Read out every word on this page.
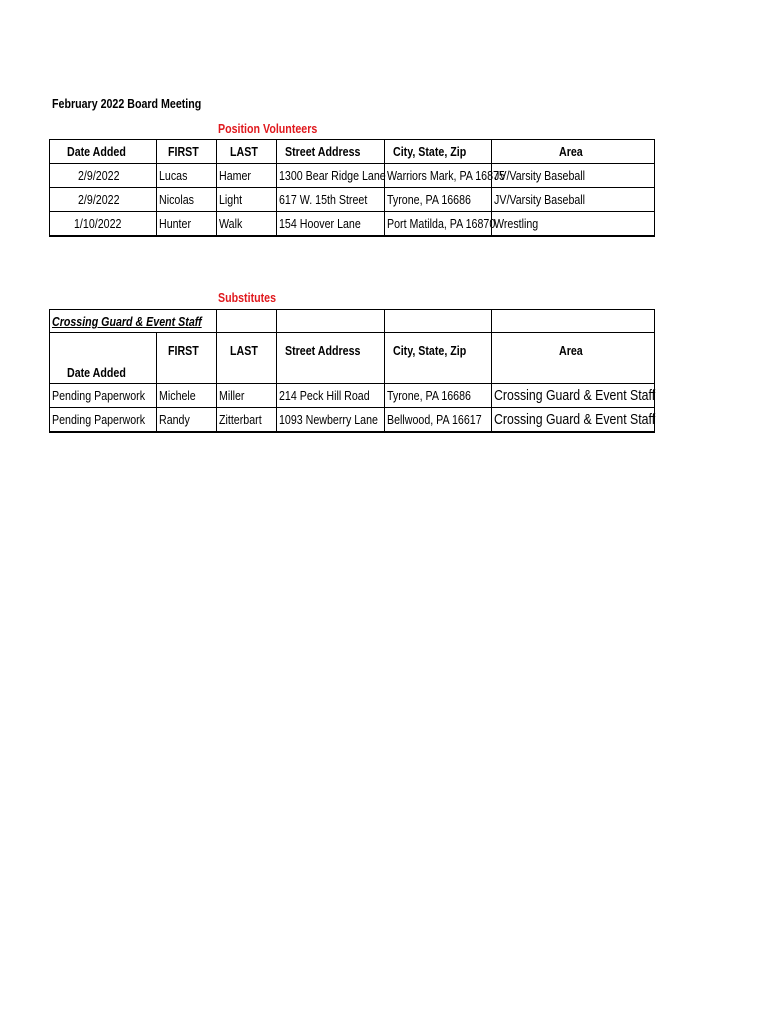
February 2022 Board Meeting
Position Volunteers
Date Added	FIRST	LAST	Street Address	City, State, Zip	Area
2/9/2022	Lucas	Hamer	1300 Bear Ridge Lane	Warriors Mark, PA 16875	JV/Varsity Baseball
2/9/2022	Nicolas	Light	617 W. 15th Street	Tyrone, PA 16686	JV/Varsity Baseball
1/10/2022	Hunter	Walk	154 Hoover Lane	Port Matilda, PA 16870	Wrestling
Substitutes
Crossing Guard & Event Staff					
Date Added	FIRST	LAST	Street Address	City, State, Zip	Area
Pending Paperwork	Michele	Miller	214 Peck Hill Road	Tyrone, PA 16686	Crossing Guard & Event Staff
Pending Paperwork	Randy	Zitterbart	1093 Newberry Lane	Bellwood, PA 16617	Crossing Guard & Event Staff
